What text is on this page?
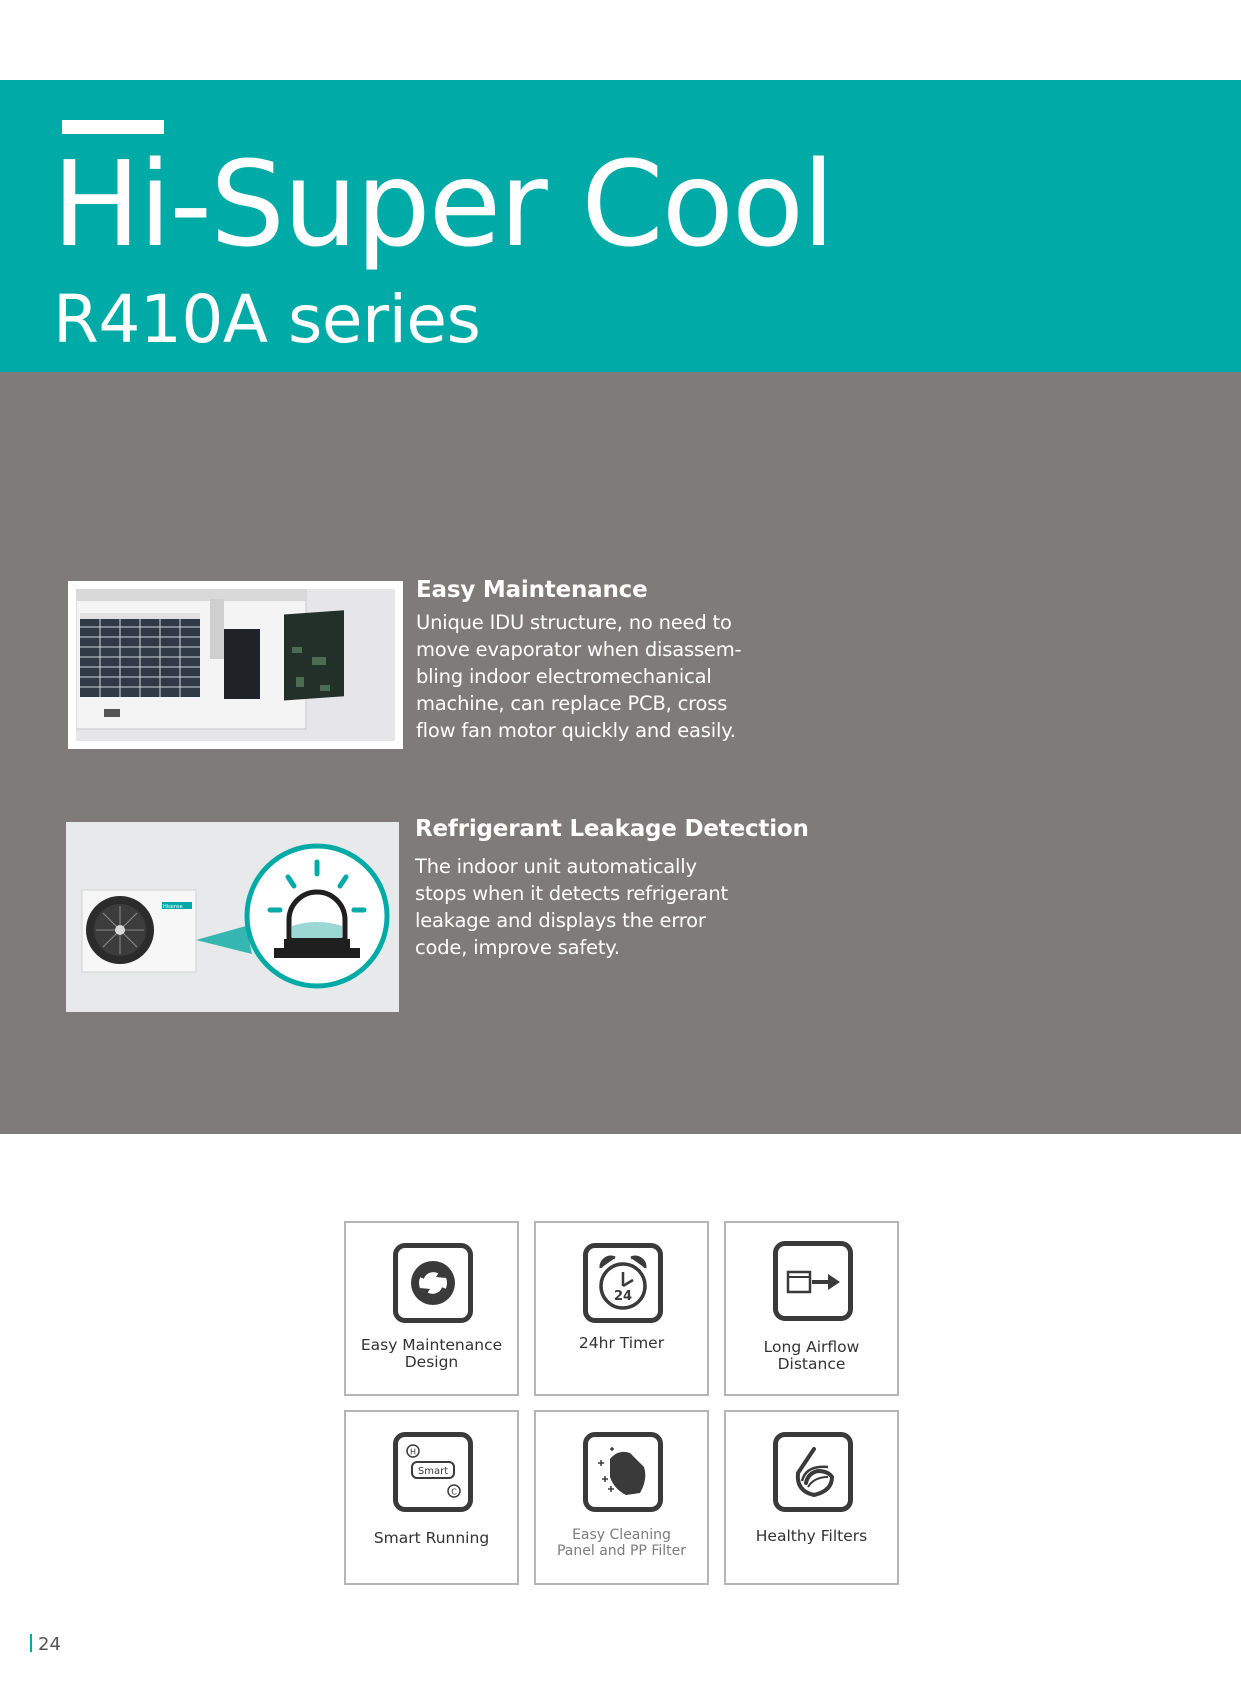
Hi-Super Cool
R410A series
Easy Maintenance

Unique IDU structure, no need to
move evaporator when disassem-
bling indoor electromechanical
machine, can replace PCB, cross
flow fan motor quickly and easily.

Hisense
Refrigerant Leakage Detection

The indoor unit automatically
stops when it detects refrigerant
leakage and displays the error
code, improve safety.

Easy Maintenance
Design
24
24hr Timer	Long Airflow
Distance
H
Smart
C
Smart Running	Easy Cleaning
Panel and PP Filter
Healthy Filters
24
